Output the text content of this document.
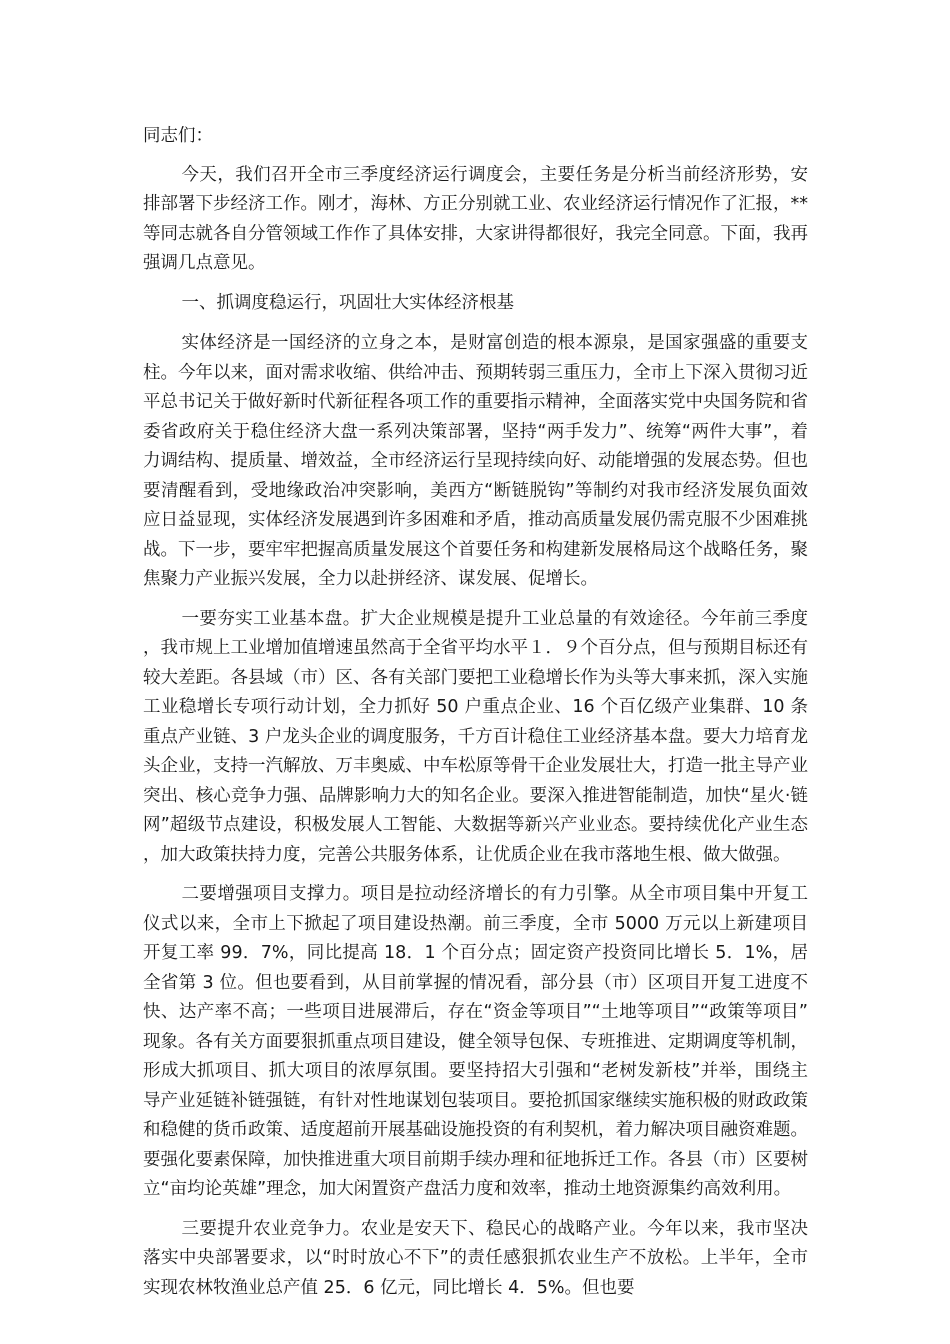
同志们：

今天，我们召开全市三季度经济运行调度会，主要任务是分析当前经济形势，安排部署下步经济工作。刚才，海林、方正分别就工业、农业经济运行情况作了汇报，**等同志就各自分管领域工作作了具体安排，大家讲得都很好，我完全同意。下面，我再强调几点意见。

一、抓调度稳运行，巩固壮大实体经济根基

实体经济是一国经济的立身之本，是财富创造的根本源泉，是国家强盛的重要支柱。今年以来，面对需求收缩、供给冲击、预期转弱三重压力，全市上下深入贯彻习近平总书记关于做好新时代新征程各项工作的重要指示精神，全面落实党中央国务院和省委省政府关于稳住经济大盘一系列决策部署，坚持“两手发力”、统筹“两件大事”，着力调结构、提质量、增效益，全市经济运行呈现持续向好、动能增强的发展态势。但也要清醒看到，受地缘政治冲突影响，美西方“断链脱钩”等制约对我市经济发展负面效应日益显现，实体经济发展遇到许多困难和矛盾，推动高质量发展仍需克服不少困难挑战。下一步，要牢牢把握高质量发展这个首要任务和构建新发展格局这个战略任务，聚焦聚力产业振兴发展，全力以赴拼经济、谋发展、促增长。

一要夯实工业基本盘。扩大企业规模是提升工业总量的有效途径。今年前三季度，我市规上工业增加值增速虽然高于全省平均水平１．９个百分点，但与预期目标还有较大差距。各县域（市）区、各有关部门要把工业稳增长作为头等大事来抓，深入实施工业稳增长专项行动计划，全力抓好 50 户重点企业、16 个百亿级产业集群、10 条重点产业链、3 户龙头企业的调度服务，千方百计稳住工业经济基本盘。要大力培育龙头企业，支持一汽解放、万丰奥威、中车松原等骨干企业发展壮大，打造一批主导产业突出、核心竞争力强、品牌影响力大的知名企业。要深入推进智能制造，加快“星火·链网”超级节点建设，积极发展人工智能、大数据等新兴产业业态。要持续优化产业生态，加大政策扶持力度，完善公共服务体系，让优质企业在我市落地生根、做大做强。

二要增强项目支撑力。项目是拉动经济增长的有力引擎。从全市项目集中开复工仪式以来，全市上下掀起了项目建设热潮。前三季度，全市 5000 万元以上新建项目开复工率 99．7%，同比提高 18．1 个百分点；固定资产投资同比增长 5．1%，居全省第 3 位。但也要看到，从目前掌握的情况看，部分县（市）区项目开复工进度不快、达产率不高；一些项目进展滞后，存在“资金等项目”“土地等项目”“政策等项目”现象。各有关方面要狠抓重点项目建设，健全领导包保、专班推进、定期调度等机制，形成大抓项目、抓大项目的浓厚氛围。要坚持招大引强和“老树发新枝”并举，围绕主导产业延链补链强链，有针对性地谋划包装项目。要抢抓国家继续实施积极的财政政策和稳健的货币政策、适度超前开展基础设施投资的有利契机，着力解决项目融资难题。要强化要素保障，加快推进重大项目前期手续办理和征地拆迁工作。各县（市）区要树立“亩均论英雄”理念，加大闲置资产盘活力度和效率，推动土地资源集约高效利用。

三要提升农业竞争力。农业是安天下、稳民心的战略产业。今年以来，我市坚决落实中央部署要求，以“时时放心不下”的责任感狠抓农业生产不放松。上半年，全市实现农林牧渔业总产值 25．6 亿元，同比增长 4．5%。但也要
